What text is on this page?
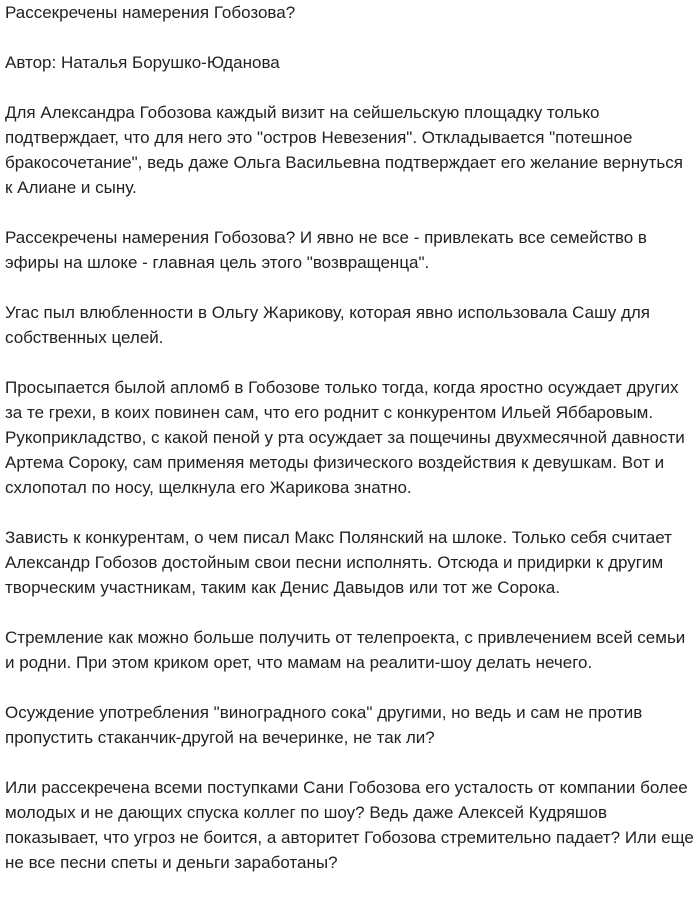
Рассекречены намерения Гобозова?

Автор: Наталья Борушко-Юданова

Для Александра Гобозова каждый визит на сейшельскую площадку только подтверждает, что для него это "остров Невезения". Откладывается "потешное бракосочетание", ведь даже Ольга Васильевна подтверждает его желание вернуться к Алиане и сыну.

Рассекречены намерения Гобозова? И явно не все - привлекать все семейство в эфиры на шлоке - главная цель этого "возвращенца".

Угас пыл влюбленности в Ольгу Жарикову, которая явно использовала Сашу для собственных целей.

Просыпается былой апломб в Гобозове только тогда, когда яростно осуждает других за те грехи, в коих повинен сам, что его роднит с конкурентом Ильей Яббаровым.

Рукоприкладство, с какой пеной у рта осуждает за пощечины двухмесячной давности Артема Сороку, сам применяя методы физического воздействия к девушкам. Вот и схлопотал по носу, щелкнула его Жарикова знатно.

Зависть к конкурентам, о чем писал Макс Полянский на шлоке. Только себя считает Александр Гобозов достойным свои песни исполнять. Отсюда и придирки к другим творческим участникам, таким как Денис Давыдов или тот же Сорока.

Стремление как можно больше получить от телепроекта, с привлечением всей семьи и родни. При этом криком орет, что мамам на реалити-шоу делать нечего.

Осуждение употребления "виноградного сока" другими, но ведь и сам не против пропустить стаканчик-другой на вечеринке, не так ли?

Или рассекречена всеми поступками Сани Гобозова его усталость от компании более молодых и не дающих спуска коллег по шоу? Ведь даже Алексей Кудряшов показывает, что угроз не боится, а авторитет Гобозова стремительно падает? Или еще не все песни спеты и деньги заработаны?
